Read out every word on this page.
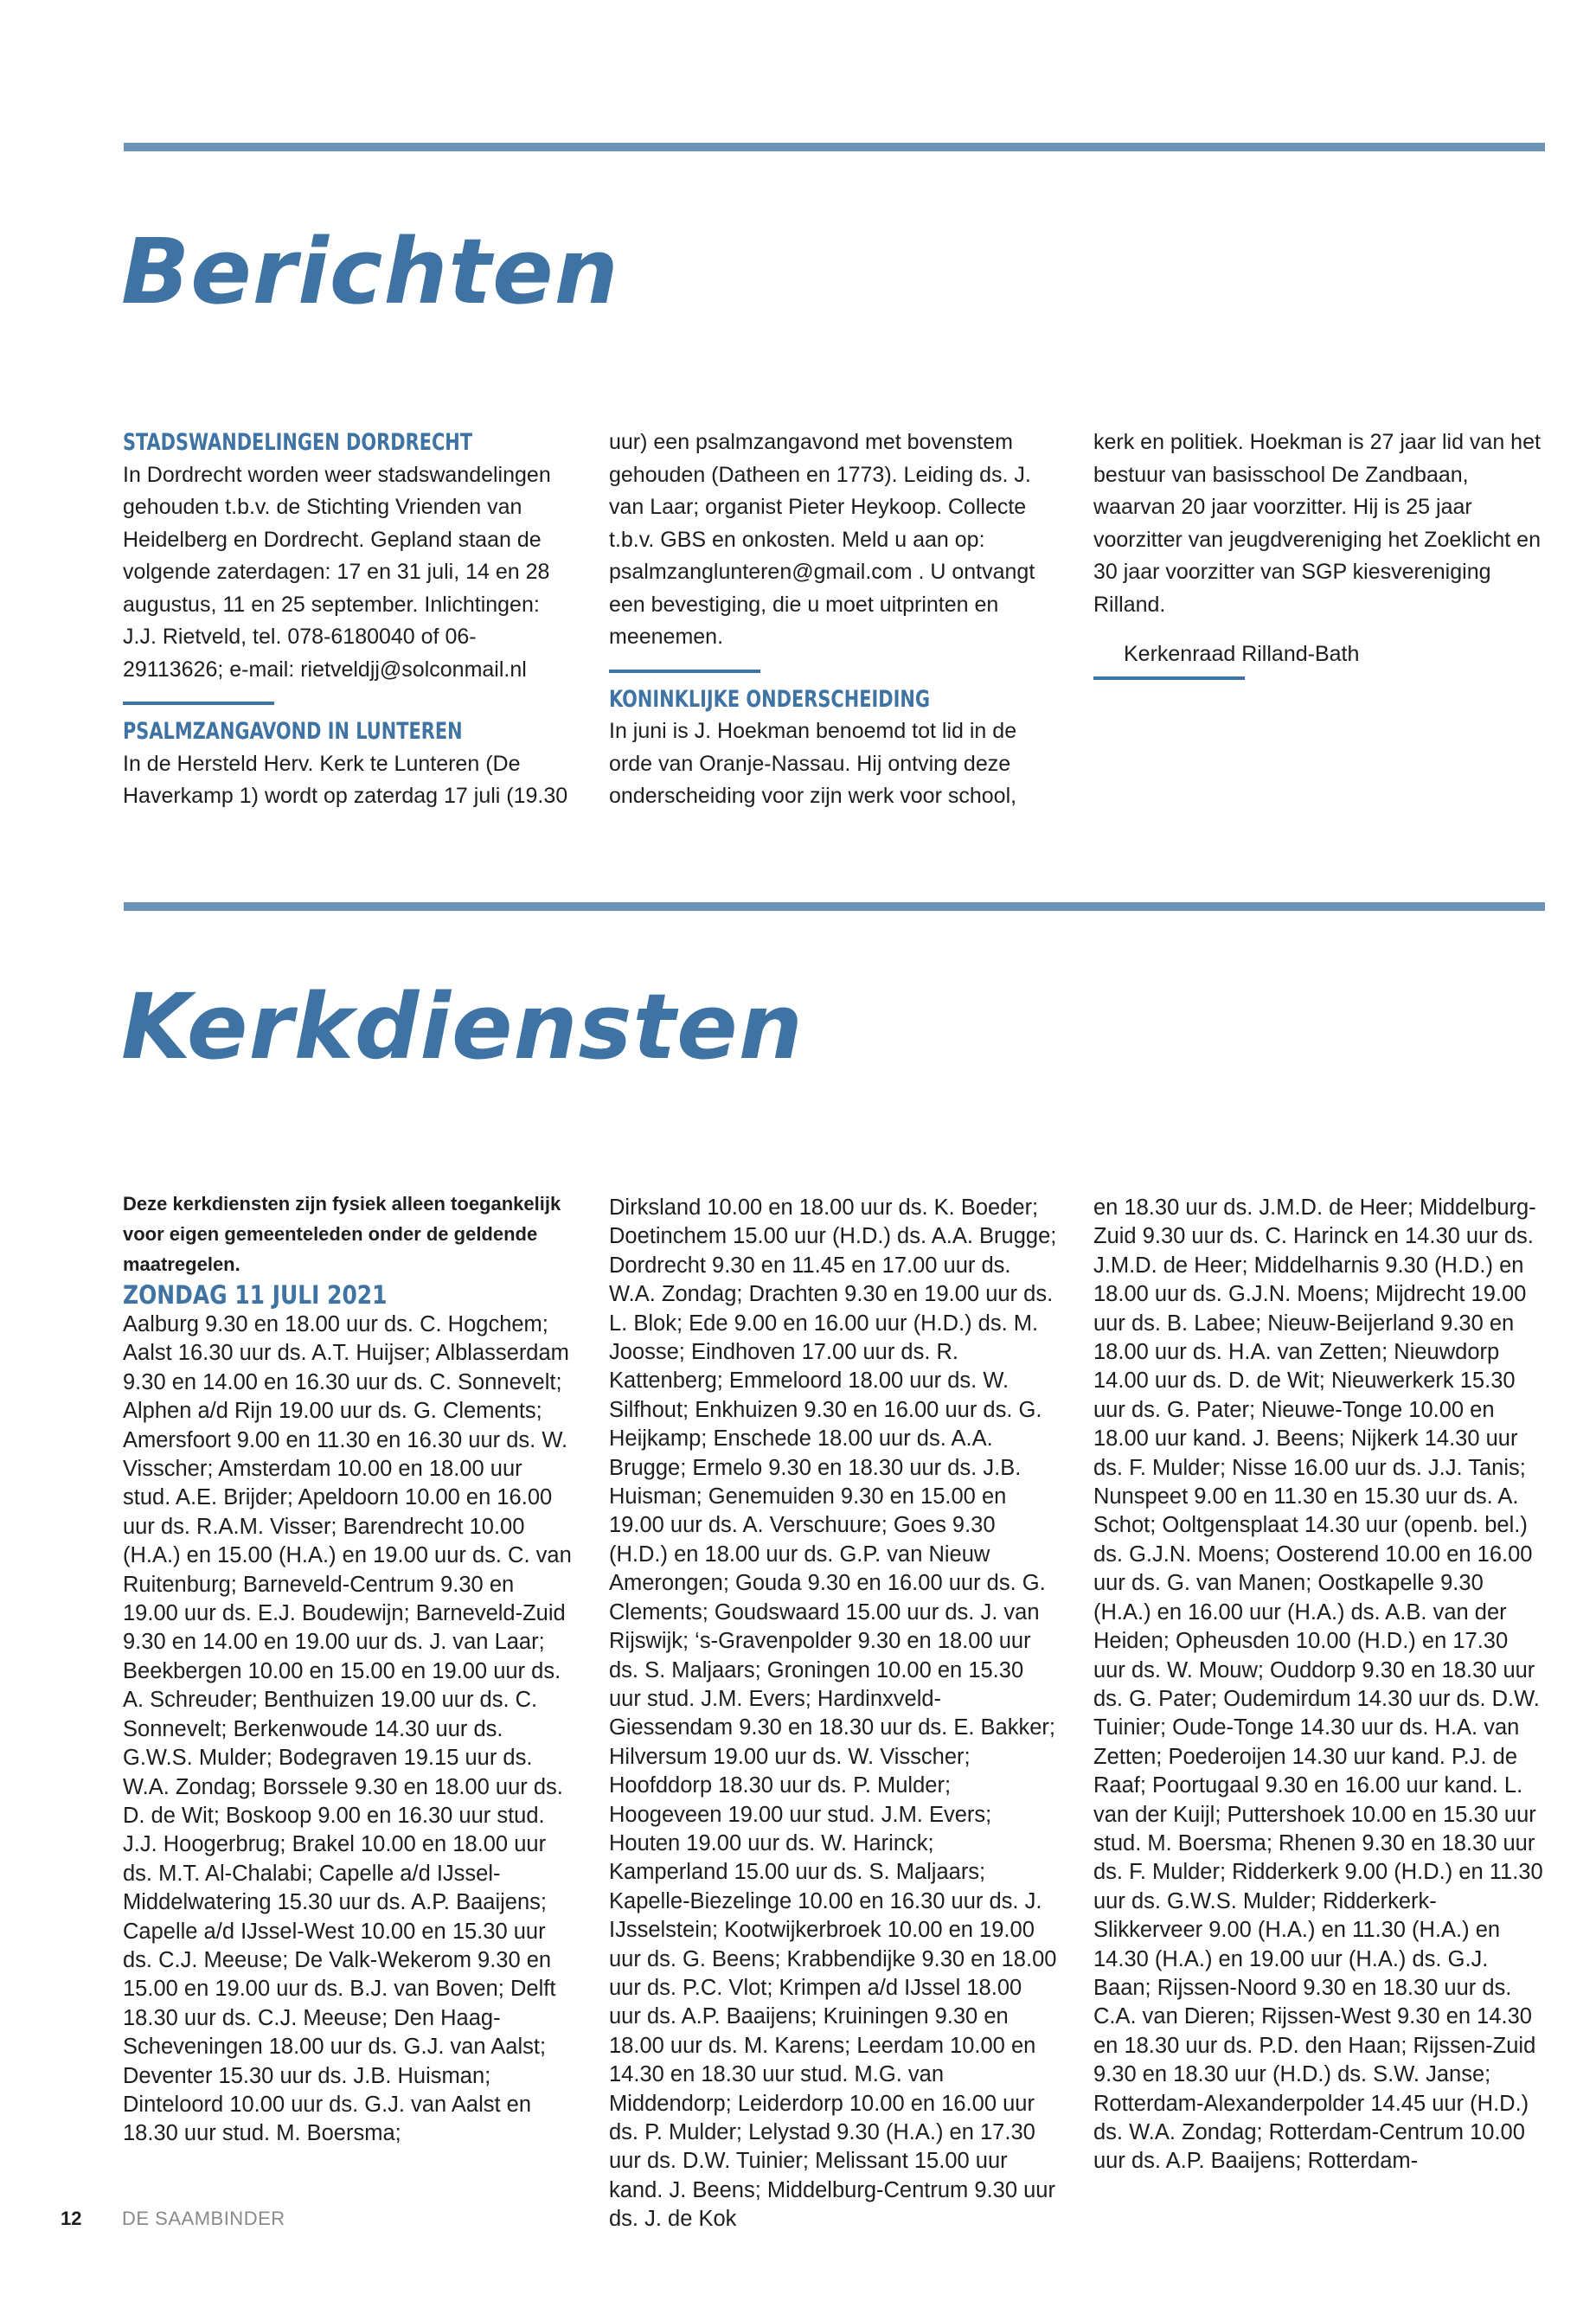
Berichten
STADSWANDELINGEN DORDRECHT

In Dordrecht worden weer stadswandelingen gehouden t.b.v. de Stichting Vrienden van Heidelberg en Dordrecht. Gepland staan de volgende zaterdagen: 17 en 31 juli, 14 en 28 augustus, 11 en 25 september. Inlichtingen: J.J. Rietveld, tel. 078-6180040 of 06-29113626; e-mail: rietveldjj@solconmail.nl

PSALMZANGAVOND IN LUNTEREN

In de Hersteld Herv. Kerk te Lunteren (De Haverkamp 1) wordt op zaterdag 17 juli (19.30

uur) een psalmzangavond met bovenstem gehouden (Datheen en 1773). Leiding ds. J. van Laar; organist Pieter Heykoop. Collecte t.b.v. GBS en onkosten. Meld u aan op: psalmzanglunteren@gmail.com . U ontvangt een bevestiging, die u moet uitprinten en meenemen.

KONINKLIJKE ONDERSCHEIDING

In juni is J. Hoekman benoemd tot lid in de orde van Oranje-Nassau. Hij ontving deze onderscheiding voor zijn werk voor school,

kerk en politiek. Hoekman is 27 jaar lid van het bestuur van basisschool De Zandbaan, waarvan 20 jaar voorzitter. Hij is 25 jaar voorzitter van jeugdvereniging het Zoeklicht en 30 jaar voorzitter van SGP kiesvereniging Rilland.

Kerkenraad Rilland-Bath

Kerkdiensten

Deze kerkdiensten zijn fysiek alleen toegankelijk voor eigen gemeenteleden onder de geldende maatregelen.

ZONDAG 11 JULI 2021

Aalburg 9.30 en 18.00 uur ds. C. Hogchem; Aalst 16.30 uur ds. A.T. Huijser; Alblasserdam 9.30 en 14.00 en 16.30 uur ds. C. Sonnevelt; Alphen a/d Rijn 19.00 uur ds. G. Clements; Amersfoort 9.00 en 11.30 en 16.30 uur ds. W. Visscher; Amsterdam 10.00 en 18.00 uur stud. A.E. Brijder; Apeldoorn 10.00 en 16.00 uur ds. R.A.M. Visser; Barendrecht 10.00 (H.A.) en 15.00 (H.A.) en 19.00 uur ds. C. van Ruitenburg; Barneveld-Centrum 9.30 en 19.00 uur ds. E.J. Boudewijn; Barneveld-Zuid 9.30 en 14.00 en 19.00 uur ds. J. van Laar; Beekbergen 10.00 en 15.00 en 19.00 uur ds. A. Schreuder; Benthuizen 19.00 uur ds. C. Sonnevelt; Berkenwoude 14.30 uur ds. G.W.S. Mulder; Bodegraven 19.15 uur ds. W.A. Zondag; Borssele 9.30 en 18.00 uur ds. D. de Wit; Boskoop 9.00 en 16.30 uur stud. J.J. Hoogerbrug; Brakel 10.00 en 18.00 uur ds. M.T. Al-Chalabi; Capelle a/d IJssel-Middelwatering 15.30 uur ds. A.P. Baaijens; Capelle a/d IJssel-West 10.00 en 15.30 uur ds. C.J. Meeuse; De Valk-Wekerom 9.30 en 15.00 en 19.00 uur ds. B.J. van Boven; Delft 18.30 uur ds. C.J. Meeuse; Den Haag-Scheveningen 18.00 uur ds. G.J. van Aalst; Deventer 15.30 uur ds. J.B. Huisman; Dinteloord 10.00 uur ds. G.J. van Aalst en 18.30 uur stud. M. Boersma;

Dirksland 10.00 en 18.00 uur ds. K. Boeder; Doetinchem 15.00 uur (H.D.) ds. A.A. Brugge; Dordrecht 9.30 en 11.45 en 17.00 uur ds. W.A. Zondag; Drachten 9.30 en 19.00 uur ds. L. Blok; Ede 9.00 en 16.00 uur (H.D.) ds. M. Joosse; Eindhoven 17.00 uur ds. R. Kattenberg; Emmeloord 18.00 uur ds. W. Silfhout; Enkhuizen 9.30 en 16.00 uur ds. G. Heijkamp; Enschede 18.00 uur ds. A.A. Brugge; Ermelo 9.30 en 18.30 uur ds. J.B. Huisman; Genemuiden 9.30 en 15.00 en 19.00 uur ds. A. Verschuure; Goes 9.30 (H.D.) en 18.00 uur ds. G.P. van Nieuw Amerongen; Gouda 9.30 en 16.00 uur ds. G. Clements; Goudswaard 15.00 uur ds. J. van Rijswijk; ‘s-Gravenpolder 9.30 en 18.00 uur ds. S. Maljaars; Groningen 10.00 en 15.30 uur stud. J.M. Evers; Hardinxveld-Giessendam 9.30 en 18.30 uur ds. E. Bakker; Hilversum 19.00 uur ds. W. Visscher; Hoofddorp 18.30 uur ds. P. Mulder; Hoogeveen 19.00 uur stud. J.M. Evers; Houten 19.00 uur ds. W. Harinck; Kamperland 15.00 uur ds. S. Maljaars; Kapelle-Biezelinge 10.00 en 16.30 uur ds. J. IJsselstein; Kootwijkerbroek 10.00 en 19.00 uur ds. G. Beens; Krabbendijke 9.30 en 18.00 uur ds. P.C. Vlot; Krimpen a/d IJssel 18.00 uur ds. A.P. Baaijens; Kruiningen 9.30 en 18.00 uur ds. M. Karens; Leerdam 10.00 en 14.30 en 18.30 uur stud. M.G. van Middendorp; Leiderdorp 10.00 en 16.00 uur ds. P. Mulder; Lelystad 9.30 (H.A.) en 17.30 uur ds. D.W. Tuinier; Melissant 15.00 uur kand. J. Beens; Middelburg-Centrum 9.30 uur ds. J. de Kok

en 18.30 uur ds. J.M.D. de Heer; Middelburg-Zuid 9.30 uur ds. C. Harinck en 14.30 uur ds. J.M.D. de Heer; Middelharnis 9.30 (H.D.) en 18.00 uur ds. G.J.N. Moens; Mijdrecht 19.00 uur ds. B. Labee; Nieuw-Beijerland 9.30 en 18.00 uur ds. H.A. van Zetten; Nieuwdorp 14.00 uur ds. D. de Wit; Nieuwerkerk 15.30 uur ds. G. Pater; Nieuwe-Tonge 10.00 en 18.00 uur kand. J. Beens; Nijkerk 14.30 uur ds. F. Mulder; Nisse 16.00 uur ds. J.J. Tanis; Nunspeet 9.00 en 11.30 en 15.30 uur ds. A. Schot; Ooltgensplaat 14.30 uur (openb. bel.) ds. G.J.N. Moens; Oosterend 10.00 en 16.00 uur ds. G. van Manen; Oostkapelle 9.30 (H.A.) en 16.00 uur (H.A.) ds. A.B. van der Heiden; Opheusden 10.00 (H.D.) en 17.30 uur ds. W. Mouw; Ouddorp 9.30 en 18.30 uur ds. G. Pater; Oudemirdum 14.30 uur ds. D.W. Tuinier; Oude-Tonge 14.30 uur ds. H.A. van Zetten; Poederoijen 14.30 uur kand. P.J. de Raaf; Poortugaal 9.30 en 16.00 uur kand. L. van der Kuijl; Puttershoek 10.00 en 15.30 uur stud. M. Boersma; Rhenen 9.30 en 18.30 uur ds. F. Mulder; Ridderkerk 9.00 (H.D.) en 11.30 uur ds. G.W.S. Mulder; Ridderkerk-Slikkerveer 9.00 (H.A.) en 11.30 (H.A.) en 14.30 (H.A.) en 19.00 uur (H.A.) ds. G.J. Baan; Rijssen-Noord 9.30 en 18.30 uur ds. C.A. van Dieren; Rijssen-West 9.30 en 14.30 en 18.30 uur ds. P.D. den Haan; Rijssen-Zuid 9.30 en 18.30 uur (H.D.) ds. S.W. Janse; Rotterdam-Alexanderpolder 14.45 uur (H.D.) ds. W.A. Zondag; Rotterdam-Centrum 10.00 uur ds. A.P. Baaijens; Rotterdam-

12 DE SAAMBINDER
